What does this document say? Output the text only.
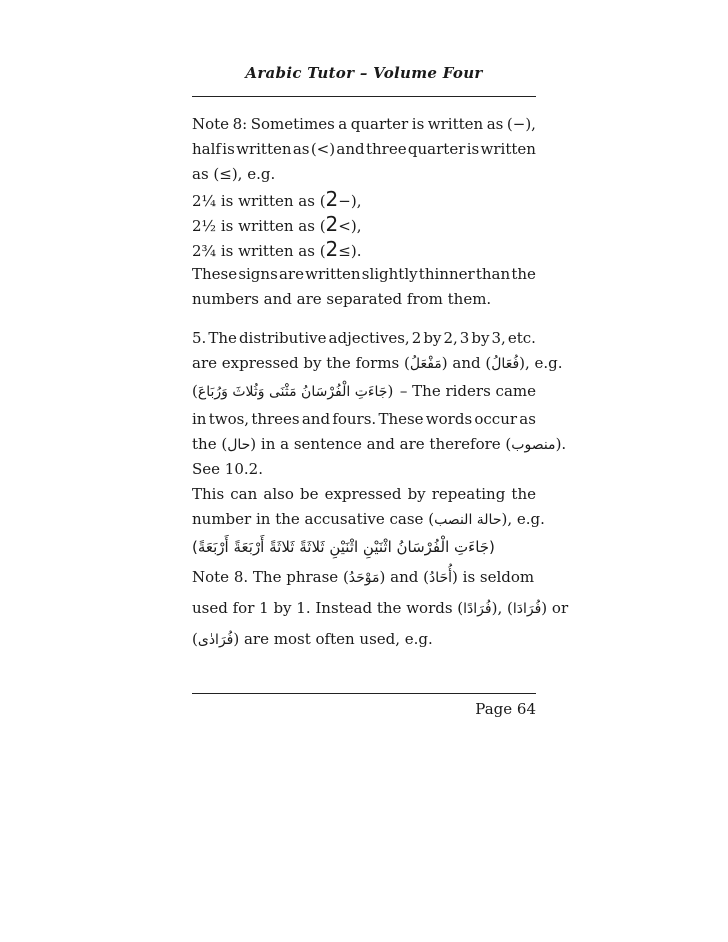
Arabic Tutor – Volume Four
Note 8: Sometimes a quarter is written as (−),
half is written as (<) and three quarter is written
as (≤), e.g.
2¼ is written as (2−),
2½ is written as (2<),
2¾ is written as (2≤).
These signs are written slightly thinner than the
numbers and are separated from them.
5. The distributive adjectives, 2 by 2, 3 by 3, etc.
are expressed by the forms (مَفْعَلُ) and (فُعَالُ), e.g.
(جَاءَتِ الْفُرْسَانُ مَثْنَى وَثُلاثَ وَرُبَاعَ) – The riders came
in twos, threes and fours. These words occur as
the (حال) in a sentence and are therefore (منصوب).
See 10.2.
This can also be expressed by repeating the
number in the accusative case (حالة النصب), e.g.
(جَاءَتِ الْفُرْسَانُ اثْنَيْنِ اثْنَيْنِ ثَلاثَةً ثَلاثَةً أَرْبَعَةً أَرْبَعَةً)
Note 8. The phrase (مَوْحَدُ) and (أُحَادُ) is seldom
used for 1 by 1. Instead the words (فُرَادًا), (فُرَادَا) or
(فُرَادٰى) are most often used, e.g.
Page 64
